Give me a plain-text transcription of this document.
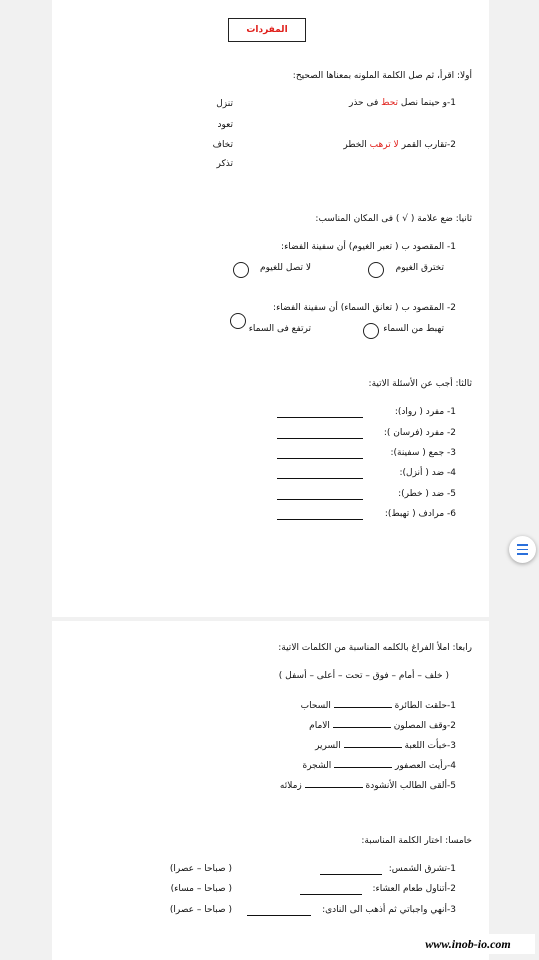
المفردات
أولا: اقرأ، ثم صل الكلمة الملونه بمعناها الصحيح:
1-و حينما نصل تحط فى حذر
2-تقارب القمر لا ترهب الخطر
تنزل
تعود
تخاف
تذكر
ثانيا: ضع علامة ( √ ) فى المكان المناسب:
1- المقصود ب ( تعبر الغيوم) أن سفينة الفضاء:
تخترق الغيوم
لا تصل للغيوم
2- المقصود ب ( تعانق السماء) أن سفينة الفضاء:
تهبط من السماء
ترتفع فى السماء
ثالثا: أجب عن الأسئلة الاتية:
1- مفرد ( رواد):
2- مفرد (فرسان ):
3- جمع ( سفينة):
4- ضد ( أنزل):
5- ضد ( خطر):
6- مرادف ( تهبط):
رابعا: املأ الفراغ بالكلمه المناسبة من الكلمات الاتية:
( خلف – أمام – فوق – تحت – أعلى – أسفل )
1-حلقت الطائرة  السحاب
2-وقف المصلون  الامام
3-خبأت اللعبة  السرير
4-رأيت العصفور  الشجرة
5-ألقى الطالب الأنشودة  زملائه
خامسا: اختار الكلمة المناسبة:
1-تشرق الشمس:
( صباحا – عصرا)
2-أتناول طعام العشاء:
( صباحا – مساء)
3-أنهي واجباتي ثم أذهب الى النادى:
( صباحا – عصرا)
www.inob-io.com
